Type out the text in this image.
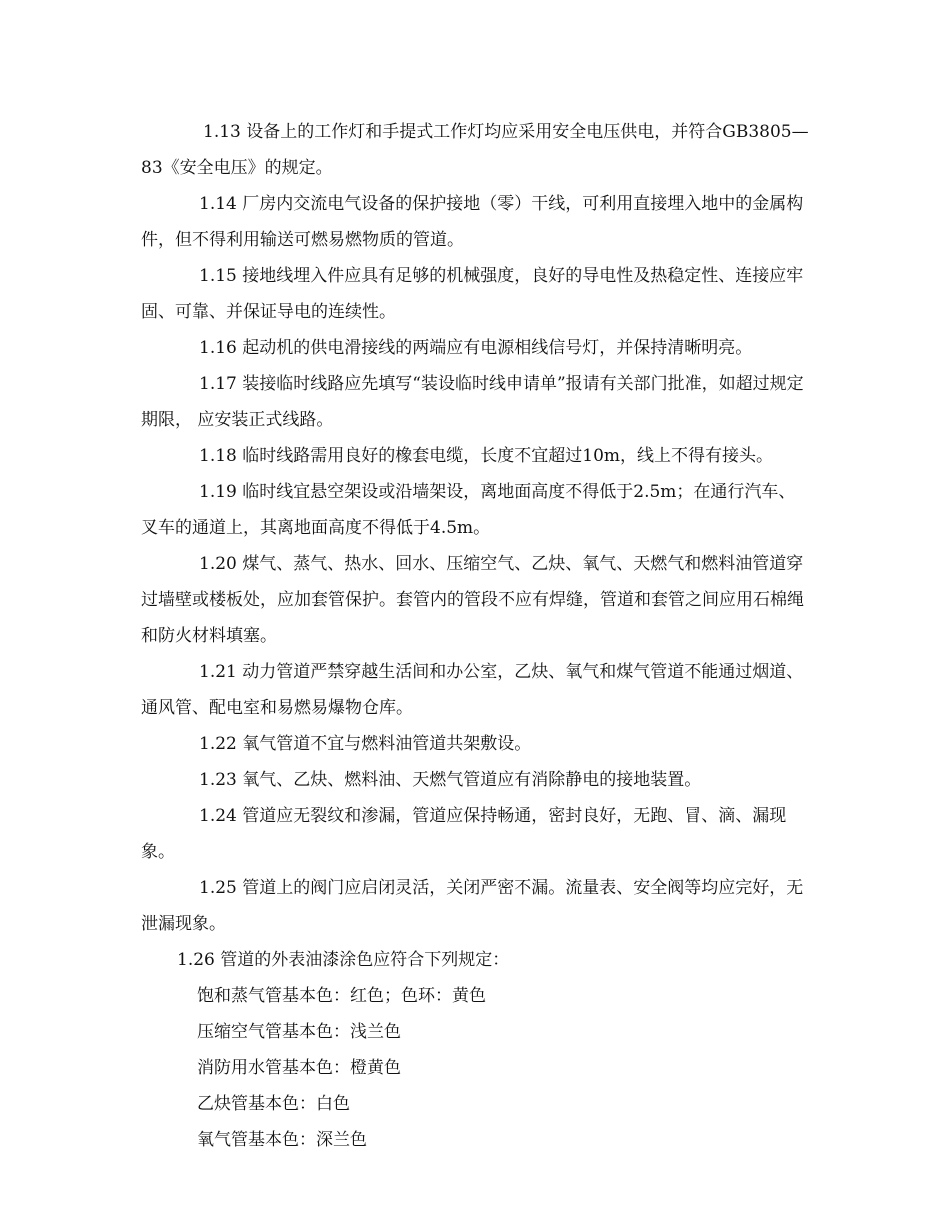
1.13 设备上的工作灯和手提式工作灯均应采用安全电压供电，并符合GB3805—83《安全电压》的规定。

1.14 厂房内交流电气设备的保护接地（零）干线，可利用直接埋入地中的金属构件，但不得利用输送可燃易燃物质的管道。

1.15 接地线埋入件应具有足够的机械强度，良好的导电性及热稳定性、连接应牢固、可靠、并保证导电的连续性。

1.16 起动机的供电滑接线的两端应有电源相线信号灯，并保持清晰明亮。

1.17 装接临时线路应先填写“装设临时线申请单”报请有关部门批准，如超过规定期限， 应安装正式线路。

1.18 临时线路需用良好的橡套电缆，长度不宜超过10m，线上不得有接头。

1.19 临时线宜悬空架设或沿墙架设，离地面高度不得低于2.5m；在通行汽车、叉车的通道上，其离地面高度不得低于4.5m。

1.20 煤气、蒸气、热水、回水、压缩空气、乙炔、氧气、天燃气和燃料油管道穿过墙壁或楼板处，应加套管保护。套管内的管段不应有焊缝，管道和套管之间应用石棉绳和防火材料填塞。

1.21 动力管道严禁穿越生活间和办公室，乙炔、氧气和煤气管道不能通过烟道、通风管、配电室和易燃易爆物仓库。

1.22 氧气管道不宜与燃料油管道共架敷设。

1.23 氧气、乙炔、燃料油、天燃气管道应有消除静电的接地装置。

1.24 管道应无裂纹和渗漏，管道应保持畅通，密封良好，无跑、冒、滴、漏现象。

1.25 管道上的阀门应启闭灵活，关闭严密不漏。流量表、安全阀等均应完好，无泄漏现象。

1.26 管道的外表油漆涂色应符合下列规定：

饱和蒸气管基本色：红色；色环：黄色

压缩空气管基本色：浅兰色

消防用水管基本色：橙黄色

乙炔管基本色：白色

氧气管基本色：深兰色
